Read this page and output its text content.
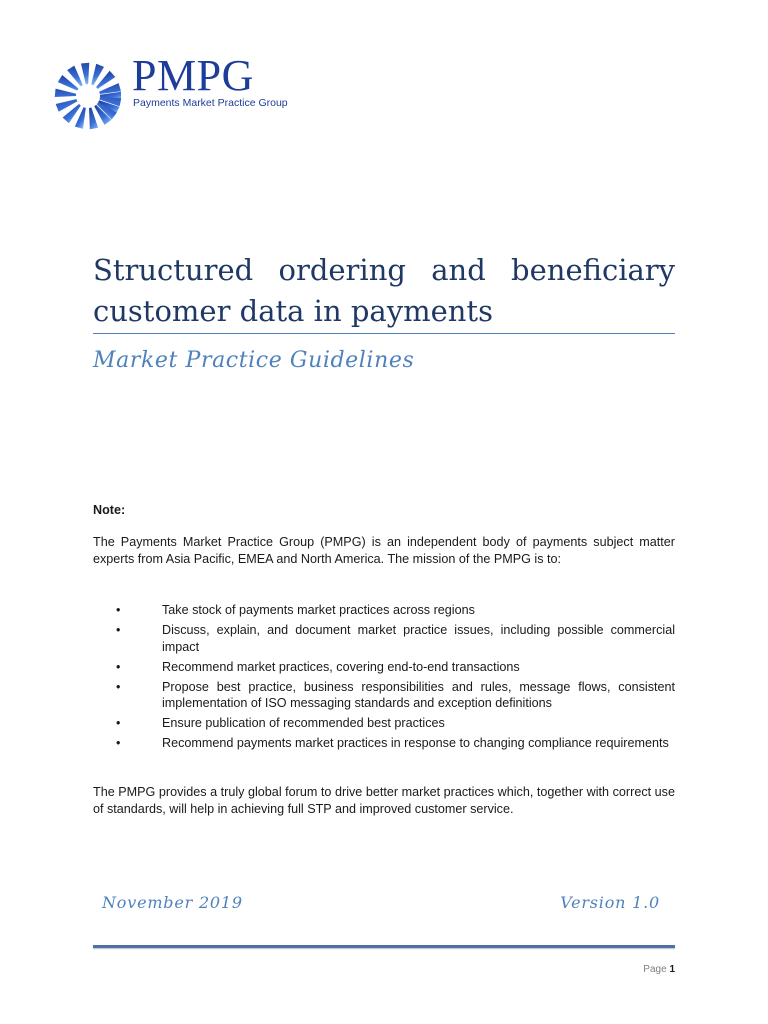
PMPG
Payments Market Practice Group
Structured ordering and beneficiary customer data in payments
Market Practice Guidelines

Note:

The Payments Market Practice Group (PMPG) is an independent body of payments subject matter experts from Asia Pacific, EMEA and North America. The mission of the PMPG is to:

•	Take stock of payments market practices across regions
•	Discuss, explain, and document market practice issues, including possible commercial impact
•	Recommend market practices, covering end-to-end transactions
•	Propose best practice, business responsibilities and rules, message flows, consistent implementation of ISO messaging standards and exception definitions
•	Ensure publication of recommended best practices
•	Recommend payments market practices in response to changing compliance requirements

The PMPG provides a truly global forum to drive better market practices which, together with correct use of standards, will help in achieving full STP and improved customer service.

November 2019	Version 1.0
Page 1
